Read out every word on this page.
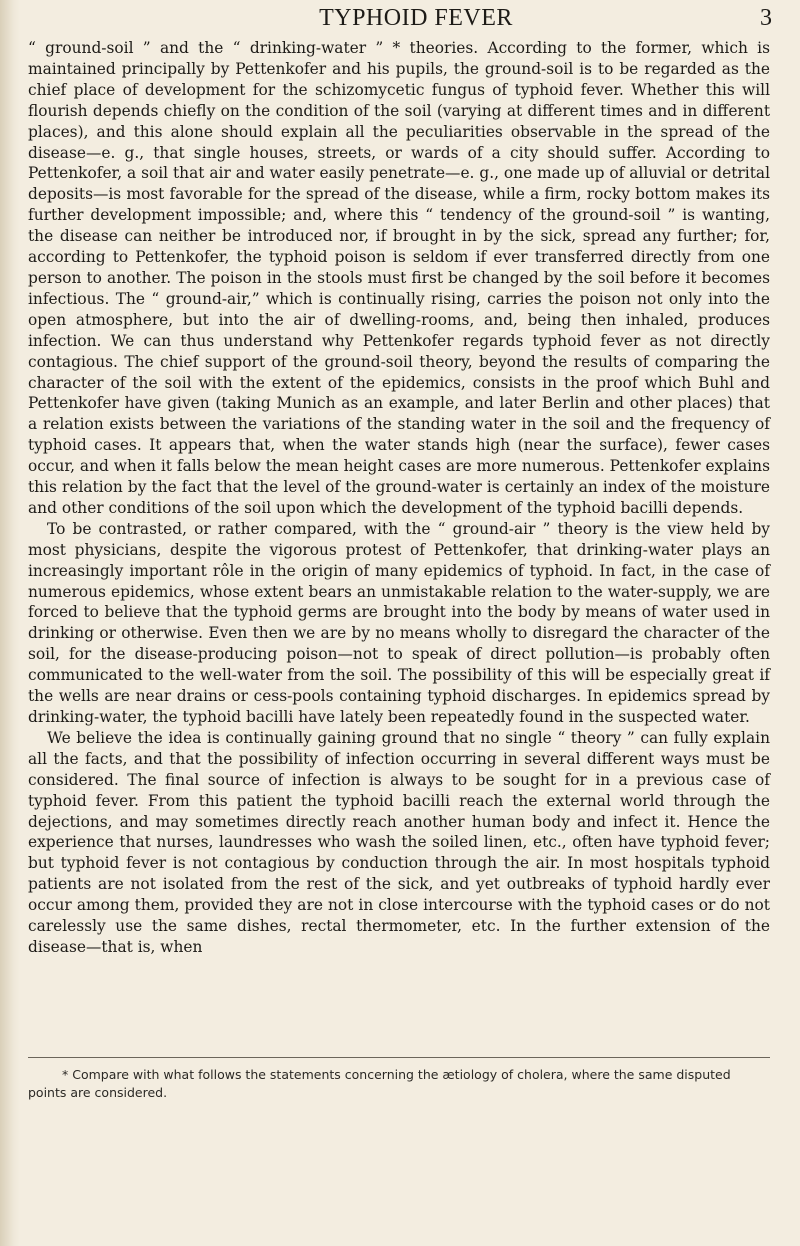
TYPHOID FEVER	3

“ ground-soil ” and the “ drinking-water ” * theories. According to the former, which is maintained principally by Pettenkofer and his pupils, the ground-soil is to be regarded as the chief place of development for the schizomycetic fungus of typhoid fever. Whether this will flourish depends chiefly on the condition of the soil (varying at different times and in different places), and this alone should explain all the peculiarities observable in the spread of the disease—e. g., that single houses, streets, or wards of a city should suffer. According to Pettenkofer, a soil that air and water easily penetrate—e. g., one made up of alluvial or detrital deposits—is most favorable for the spread of the disease, while a firm, rocky bottom makes its further development impossible; and, where this “ tendency of the ground-soil ” is wanting, the disease can neither be introduced nor, if brought in by the sick, spread any further; for, according to Pettenkofer, the typhoid poison is seldom if ever transferred directly from one person to another. The poison in the stools must first be changed by the soil before it becomes infectious. The “ ground-air,” which is continually rising, carries the poison not only into the open atmosphere, but into the air of dwelling-rooms, and, being then inhaled, produces infection. We can thus understand why Pettenkofer regards typhoid fever as not directly contagious. The chief support of the ground-soil theory, beyond the results of comparing the character of the soil with the extent of the epidemics, consists in the proof which Buhl and Pettenkofer have given (taking Munich as an example, and later Berlin and other places) that a relation exists between the variations of the standing water in the soil and the frequency of typhoid cases. It appears that, when the water stands high (near the surface), fewer cases occur, and when it falls below the mean height cases are more numerous. Pettenkofer explains this relation by the fact that the level of the ground-water is certainly an index of the moisture and other conditions of the soil upon which the development of the typhoid bacilli depends.

To be contrasted, or rather compared, with the “ ground-air ” theory is the view held by most physicians, despite the vigorous protest of Pettenkofer, that drinking-water plays an increasingly important rôle in the origin of many epidemics of typhoid. In fact, in the case of numerous epidemics, whose extent bears an unmistakable relation to the water-supply, we are forced to believe that the typhoid germs are brought into the body by means of water used in drinking or otherwise. Even then we are by no means wholly to disregard the character of the soil, for the disease-producing poison—not to speak of direct pollution—is probably often communicated to the well-water from the soil. The possibility of this will be especially great if the wells are near drains or cess-pools containing typhoid discharges. In epidemics spread by drinking-water, the typhoid bacilli have lately been repeatedly found in the suspected water.

We believe the idea is continually gaining ground that no single “ theory ” can fully explain all the facts, and that the possibility of infection occurring in several different ways must be considered. The final source of infection is always to be sought for in a previous case of typhoid fever. From this patient the typhoid bacilli reach the external world through the dejections, and may sometimes directly reach another human body and infect it. Hence the experience that nurses, laundresses who wash the soiled linen, etc., often have typhoid fever; but typhoid fever is not contagious by conduction through the air. In most hospitals typhoid patients are not isolated from the rest of the sick, and yet outbreaks of typhoid hardly ever occur among them, provided they are not in close intercourse with the typhoid cases or do not carelessly use the same dishes, rectal thermometer, etc. In the further extension of the disease—that is, when

* Compare with what follows the statements concerning the ætiology of cholera, where the same disputed points are considered.
